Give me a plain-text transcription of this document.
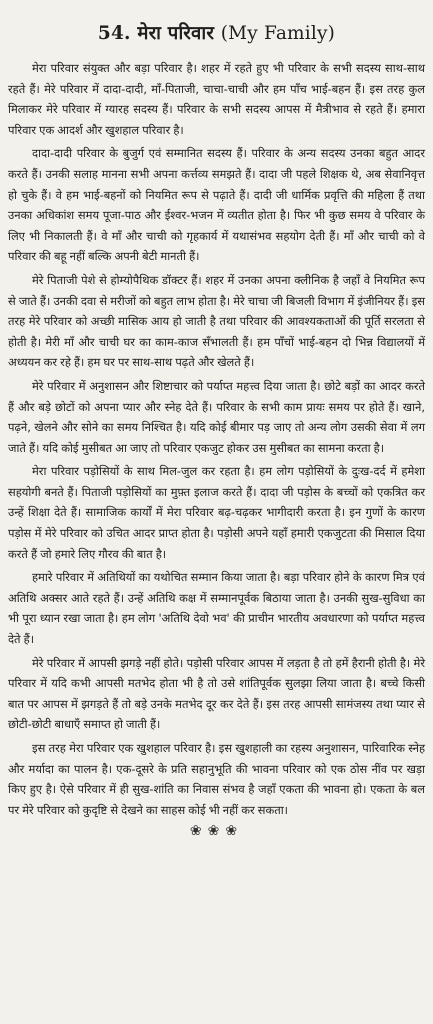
54. मेरा परिवार (My Family)

मेरा परिवार संयुक्त और बड़ा परिवार है। शहर में रहते हुए भी परिवार के सभी सदस्य साथ-साथ रहते हैं। मेरे परिवार में दादा-दादी, माँ-पिताजी, चाचा-चाची और हम पाँच भाई-बहन हैं। इस तरह कुल मिलाकर मेरे परिवार में ग्यारह सदस्य हैं। परिवार के सभी सदस्य आपस में मैत्रीभाव से रहते हैं। हमारा परिवार एक आदर्श और खुशहाल परिवार है।

दादा-दादी परिवार के बुजुर्ग एवं सम्मानित सदस्य हैं। परिवार के अन्य सदस्य उनका बहुत आदर करते हैं। उनकी सलाह मानना सभी अपना कर्त्तव्य समझते हैं। दादा जी पहले शिक्षक थे, अब सेवानिवृत्त हो चुके हैं। वे हम भाई-बहनों को नियमित रूप से पढ़ाते हैं। दादी जी धार्मिक प्रवृत्ति की महिला हैं तथा उनका अधिकांश समय पूजा-पाठ और ईश्वर-भजन में व्यतीत होता है। फिर भी कुछ समय वे परिवार के लिए भी निकालती हैं। वे माँ और चाची को गृहकार्य में यथासंभव सहयोग देती हैं। माँ और चाची को वे परिवार की बहू नहीं बल्कि अपनी बेटी मानती हैं।

मेरे पिताजी पेशे से होम्योपैथिक डॉक्टर हैं। शहर में उनका अपना क्लीनिक है जहाँ वे नियमित रूप से जाते हैं। उनकी दवा से मरीजों को बहुत लाभ होता है। मेरे चाचा जी बिजली विभाग में इंजीनियर हैं। इस तरह मेरे परिवार को अच्छी मासिक आय हो जाती है तथा परिवार की आवश्यकताओं की पूर्ति सरलता से होती है। मेरी माँ और चाची घर का काम-काज सँभालती हैं। हम पाँचों भाई-बहन दो भिन्न विद्यालयों में अध्ययन कर रहे हैं। हम घर पर साथ-साथ पढ़ते और खेलते हैं।

मेरे परिवार में अनुशासन और शिष्टाचार को पर्याप्त महत्त्व दिया जाता है। छोटे बड़ों का आदर करते हैं और बड़े छोटों को अपना प्यार और स्नेह देते हैं। परिवार के सभी काम प्रायः समय पर होते हैं। खाने, पढ़ने, खेलने और सोने का समय निश्चित है। यदि कोई बीमार पड़ जाए तो अन्य लोग उसकी सेवा में लग जाते हैं। यदि कोई मुसीबत आ जाए तो परिवार एकजुट होकर उस मुसीबत का सामना करता है।

मेरा परिवार पड़ोसियों के साथ मिल-जुल कर रहता है। हम लोग पड़ोसियों के दुःख-दर्द में हमेशा सहयोगी बनते हैं। पिताजी पड़ोसियों का मुफ़्त इलाज करते हैं। दादा जी पड़ोस के बच्चों को एकत्रित कर उन्हें शिक्षा देते हैं। सामाजिक कार्यों में मेरा परिवार बढ़-चढ़कर भागीदारी करता है। इन गुणों के कारण पड़ोस में मेरे परिवार को उचित आदर प्राप्त होता है। पड़ोसी अपने यहाँ हमारी एकजुटता की मिसाल दिया करते हैं जो हमारे लिए गौरव की बात है।

हमारे परिवार में अतिथियों का यथोचित सम्मान किया जाता है। बड़ा परिवार होने के कारण मित्र एवं अतिथि अक्सर आते रहते हैं। उन्हें अतिथि कक्ष में सम्मानपूर्वक बिठाया जाता है। उनकी सुख-सुविधा का भी पूरा ध्यान रखा जाता है। हम लोग 'अतिथि देवो भव' की प्राचीन भारतीय अवधारणा को पर्याप्त महत्त्व देते हैं।

मेरे परिवार में आपसी झगड़े नहीं होते। पड़ोसी परिवार आपस में लड़ता है तो हमें हैरानी होती है। मेरे परिवार में यदि कभी आपसी मतभेद होता भी है तो उसे शांतिपूर्वक सुलझा लिया जाता है। बच्चे किसी बात पर आपस में झगड़ते हैं तो बड़े उनके मतभेद दूर कर देते हैं। इस तरह आपसी सामंजस्य तथा प्यार से छोटी-छोटी बाधाएँ समाप्त हो जाती हैं।

इस तरह मेरा परिवार एक खुशहाल परिवार है। इस खुशहाली का रहस्य अनुशासन, पारिवारिक स्नेह और मर्यादा का पालन है। एक-दूसरे के प्रति सहानुभूति की भावना परिवार को एक ठोस नींव पर खड़ा किए हुए है। ऐसे परिवार में ही सुख-शांति का निवास संभव है जहाँ एकता की भावना हो। एकता के बल पर मेरे परिवार को कुदृष्टि से देखने का साहस कोई भी नहीं कर सकता।

❀❀❀
